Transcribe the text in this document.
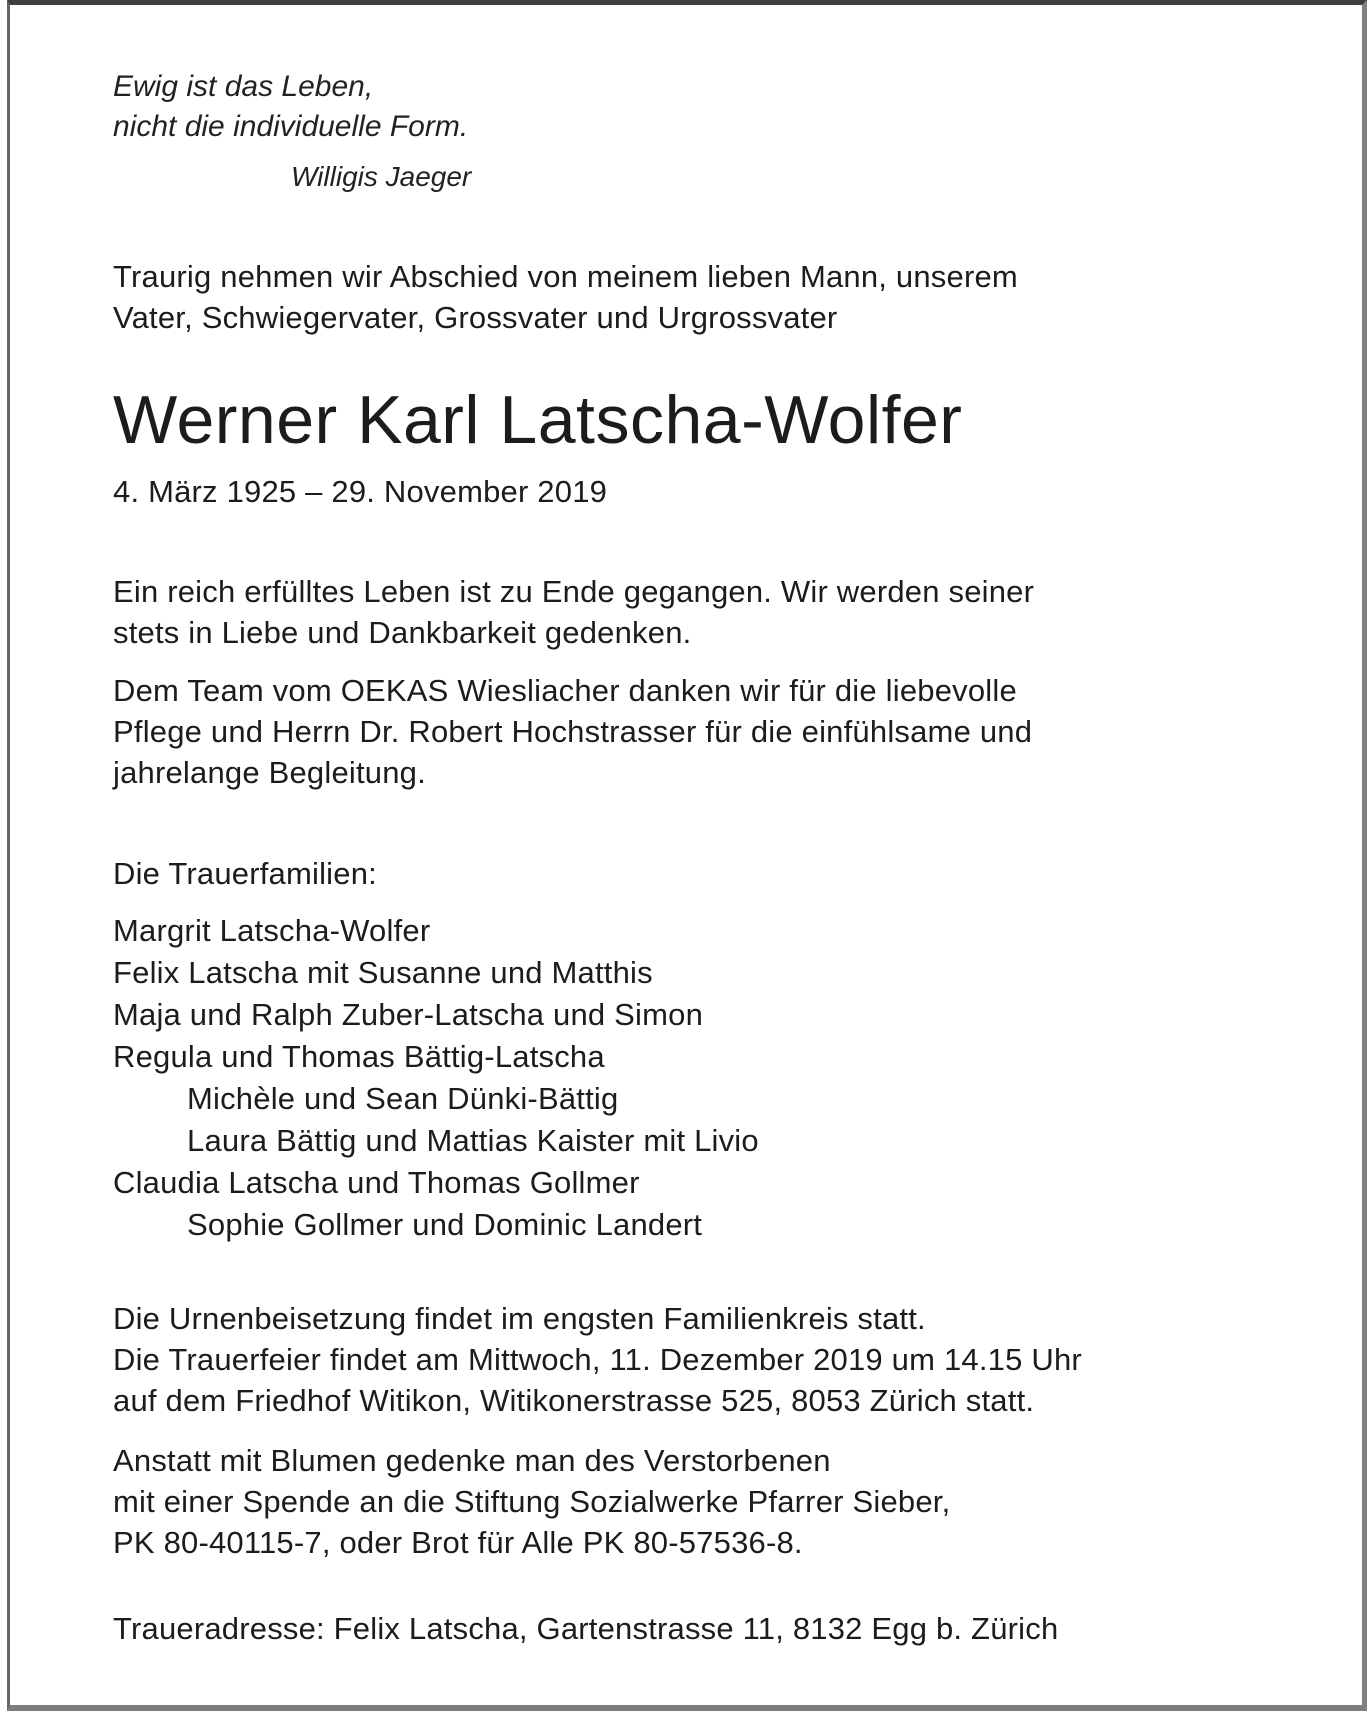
Ewig ist das Leben,
nicht die individuelle Form.
Willigis Jaeger
Traurig nehmen wir Abschied von meinem lieben Mann, unserem
Vater, Schwiegervater, Grossvater und Urgrossvater
Werner Karl Latscha-Wolfer
4. März 1925 – 29. November 2019
Ein reich erfülltes Leben ist zu Ende gegangen. Wir werden seiner
stets in Liebe und Dankbarkeit gedenken.
Dem Team vom OEKAS Wiesliacher danken wir für die liebevolle
Pflege und Herrn Dr. Robert Hochstrasser für die einfühlsame und
jahrelange Begleitung.
Die Trauerfamilien:
Margrit Latscha-Wolfer
Felix Latscha mit Susanne und Matthis
Maja und Ralph Zuber-Latscha und Simon
Regula und Thomas Bättig-Latscha
Michèle und Sean Dünki-Bättig
Laura Bättig und Mattias Kaister mit Livio
Claudia Latscha und Thomas Gollmer
Sophie Gollmer und Dominic Landert
Die Urnenbeisetzung findet im engsten Familienkreis statt.
Die Trauerfeier findet am Mittwoch, 11. Dezember 2019 um 14.15 Uhr
auf dem Friedhof Witikon, Witikonerstrasse 525, 8053 Zürich statt.
Anstatt mit Blumen gedenke man des Verstorbenen
mit einer Spende an die Stiftung Sozialwerke Pfarrer Sieber,
PK 80-40115-7, oder Brot für Alle PK 80-57536-8.
Traueradresse: Felix Latscha, Gartenstrasse 11, 8132 Egg b. Zürich
